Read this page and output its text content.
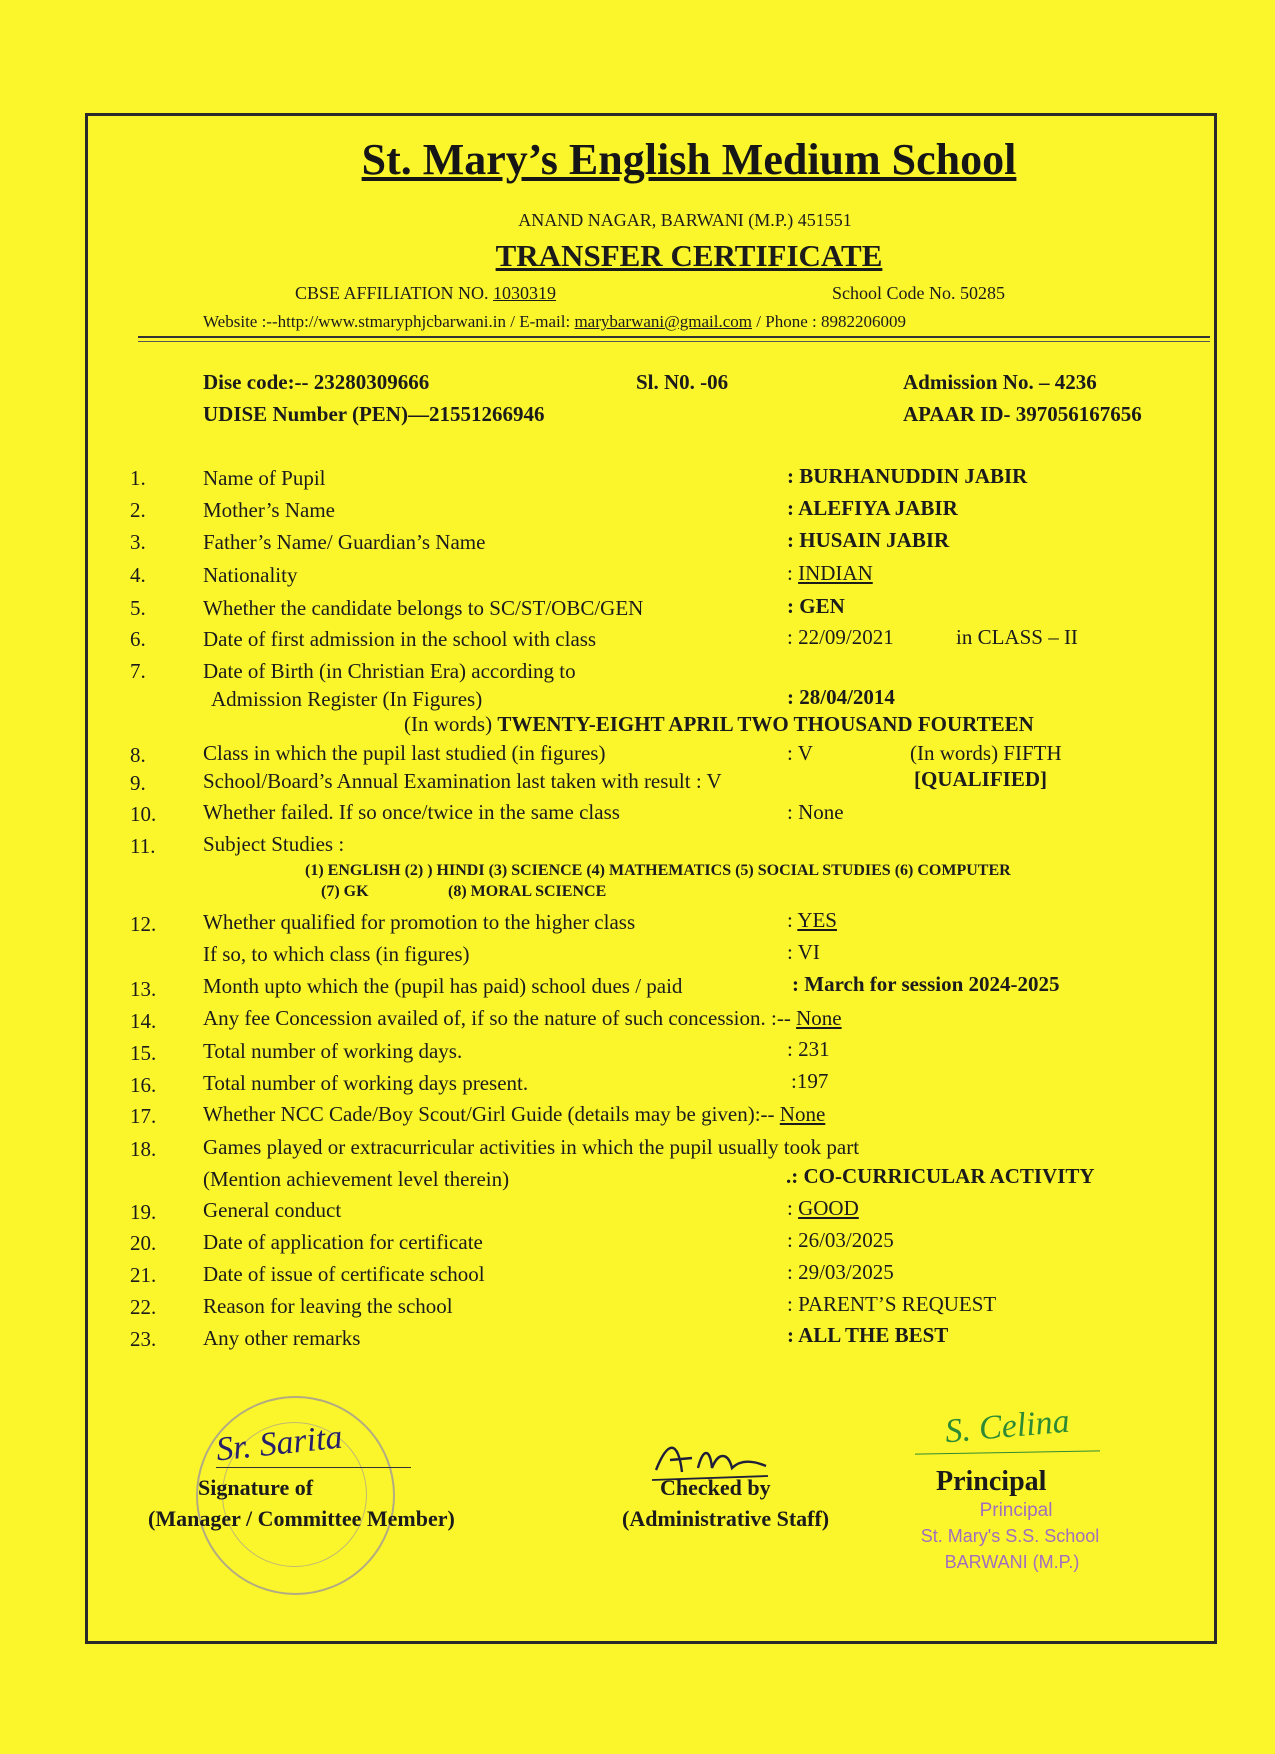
St. Mary’s English Medium School
ANAND NAGAR, BARWANI (M.P.) 451551
TRANSFER CERTIFICATE
CBSE AFFILIATION NO. 1030319	School Code No. 50285
Website :--http://www.stmaryphjcbarwani.in / E-mail: marybarwani@gmail.com / Phone : 8982206009
Dise code:-- 23280309666	Sl. N0. -06	Admission No. – 4236
UDISE Number (PEN)—21551266946	APAAR ID- 397056167656
1.	Name of Pupil	: BURHANUDDIN JABIR
2.	Mother’s Name	: ALEFIYA JABIR
3.	Father’s Name/ Guardian’s Name	: HUSAIN JABIR
4.	Nationality	: INDIAN
5.	Whether the candidate belongs to SC/ST/OBC/GEN	: GEN
6.	Date of first admission in the school with class	: 22/09/2021	in CLASS – II
7.	Date of Birth (in Christian Era) according to
Admission Register (In Figures)	: 28/04/2014
(In words) TWENTY-EIGHT APRIL TWO THOUSAND FOURTEEN
8.	Class in which the pupil last studied (in figures)	: V	(In words) FIFTH
9.	School/Board’s Annual Examination last taken with result : V	[QUALIFIED]
10. Whether failed. If so once/twice in the same class	: None
11. Subject Studies :
(1) ENGLISH (2) ) HINDI (3) SCIENCE (4) MATHEMATICS (5) SOCIAL STUDIES (6) COMPUTER
(7) GK	(8) MORAL SCIENCE
12. Whether qualified for promotion to the higher class	: YES
If so, to which class (in figures)	: VI
13. Month upto which the (pupil has paid) school dues / paid	: March for session 2024-2025
14. Any fee Concession availed of, if so the nature of such concession. :-- None
15. Total number of working days.	: 231
16. Total number of working days present.	:197
17. Whether NCC Cade/Boy Scout/Girl Guide (details may be given):-- None
18. Games played or extracurricular activities in which the pupil usually took part
(Mention achievement level therein)	.: CO-CURRICULAR ACTIVITY
19. General conduct	: GOOD
20. Date of application for certificate	: 26/03/2025
21. Date of issue of certificate school	: 29/03/2025
22. Reason for leaving the school	: PARENT’S REQUEST
23. Any other remarks	: ALL THE BEST
Sr. Sarita
Signature of
(Manager / Committee Member)
Checked by
(Administrative Staff)
S. Celina
Principal
Principal
St. Mary's S.S. School
BARWANI (M.P.)
